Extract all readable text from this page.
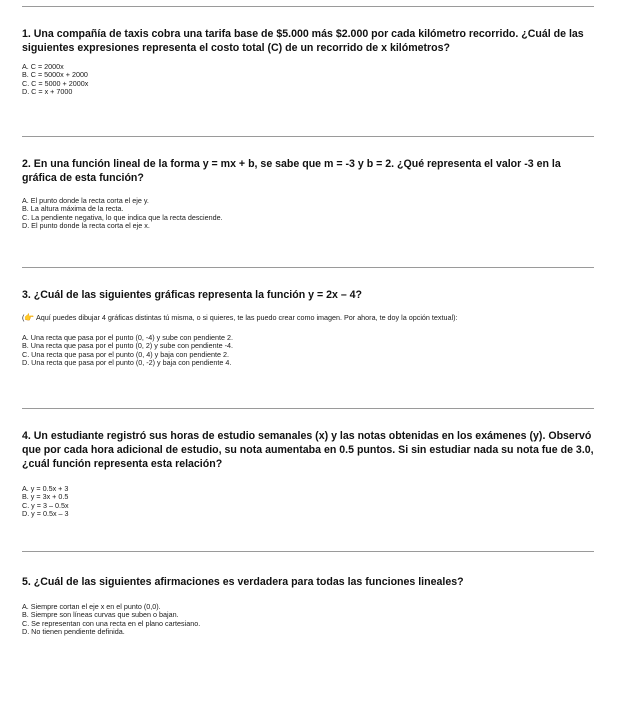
1. Una compañía de taxis cobra una tarifa base de $5.000 más $2.000 por cada kilómetro recorrido. ¿Cuál de las siguientes expresiones representa el costo total (C) de un recorrido de x kilómetros?

A. C = 2000x
B. C = 5000x + 2000
C. C = 5000 + 2000x
D. C = x + 7000

2. En una función lineal de la forma y = mx + b, se sabe que m = -3 y b = 2. ¿Qué representa el valor -3 en la gráfica de esta función?

A. El punto donde la recta corta el eje y.
B. La altura máxima de la recta.
C. La pendiente negativa, lo que indica que la recta desciende.
D. El punto donde la recta corta el eje x.

3. ¿Cuál de las siguientes gráficas representa la función y = 2x – 4?

(👉 Aquí puedes dibujar 4 gráficas distintas tú misma, o si quieres, te las puedo crear como imagen. Por ahora, te doy la opción textual):

A. Una recta que pasa por el punto (0, -4) y sube con pendiente 2.
B. Una recta que pasa por el punto (0, 2) y sube con pendiente -4.
C. Una recta que pasa por el punto (0, 4) y baja con pendiente 2.
D. Una recta que pasa por el punto (0, -2) y baja con pendiente 4.

4. Un estudiante registró sus horas de estudio semanales (x) y las notas obtenidas en los exámenes (y). Observó que por cada hora adicional de estudio, su nota aumentaba en 0.5 puntos. Si sin estudiar nada su nota fue de 3.0, ¿cuál función representa esta relación?

A. y = 0.5x + 3
B. y = 3x + 0.5
C. y = 3 – 0.5x
D. y = 0.5x – 3

5. ¿Cuál de las siguientes afirmaciones es verdadera para todas las funciones lineales?

A. Siempre cortan el eje x en el punto (0,0).
B. Siempre son líneas curvas que suben o bajan.
C. Se representan con una recta en el plano cartesiano.
D. No tienen pendiente definida.
